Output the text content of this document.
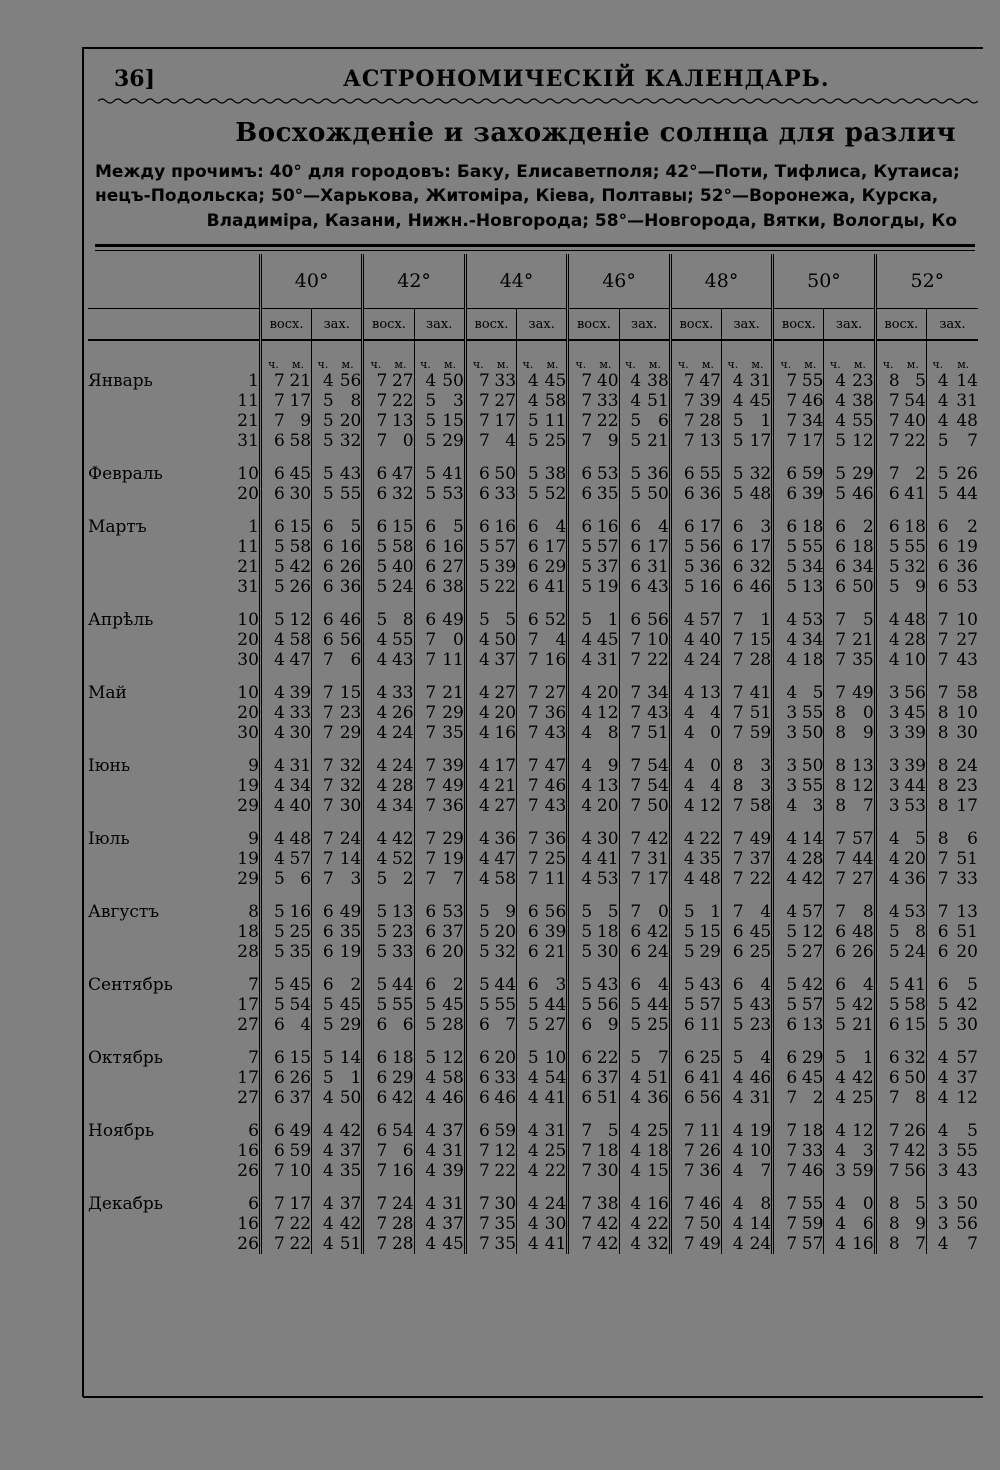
36]	АСТРОНОМИЧЕСКІЙ КАЛЕНДАРЬ.
Восхожденіе и захожденіе солнца для различ
Между прочимъ: 40° для городовъ: Баку, Елисаветполя; 42°—Поти, Тифлиса, Кутаиса;
нецъ-Подольска; 50°—Харькова, Житоміра, Кіева, Полтавы; 52°—Воронежа, Курска,
Владиміра, Казани, Нижн.-Новгорода; 58°—Новгорода, Вятки, Вологды, Ко
		40°				42°				44°				46°				48°				50°				52°			
		восх.		зах.		восх.		зах.		восх.		зах.		восх.		зах.		восх.		зах.		восх.		зах.		восх.		зах.	
		ч.	м.	ч.	м.	ч.	м.	ч.	м.	ч.	м.	ч.	м.	ч.	м.	ч.	м.	ч.	м.	ч.	м.	ч.	м.	ч.	м.	ч.	м.	ч.	м.
Январь	1	7	21	4	56	7	27	4	50	7	33	4	45	7	40	4	38	7	47	4	31	7	55	4	23	8	5	4	14
	11	7	17	5	8	7	22	5	3	7	27	4	58	7	33	4	51	7	39	4	45	7	46	4	38	7	54	4	31
	21	7	9	5	20	7	13	5	15	7	17	5	11	7	22	5	6	7	28	5	1	7	34	4	55	7	40	4	48
	31	6	58	5	32	7	0	5	29	7	4	5	25	7	9	5	21	7	13	5	17	7	17	5	12	7	22	5	7

Февраль	10	6	45	5	43	6	47	5	41	6	50	5	38	6	53	5	36	6	55	5	32	6	59	5	29	7	2	5	26
	20	6	30	5	55	6	32	5	53	6	33	5	52	6	35	5	50	6	36	5	48	6	39	5	46	6	41	5	44

Мартъ	1	6	15	6	5	6	15	6	5	6	16	6	4	6	16	6	4	6	17	6	3	6	18	6	2	6	18	6	2
	11	5	58	6	16	5	58	6	16	5	57	6	17	5	57	6	17	5	56	6	17	5	55	6	18	5	55	6	19
	21	5	42	6	26	5	40	6	27	5	39	6	29	5	37	6	31	5	36	6	32	5	34	6	34	5	32	6	36
	31	5	26	6	36	5	24	6	38	5	22	6	41	5	19	6	43	5	16	6	46	5	13	6	50	5	9	6	53

Апрѣль	10	5	12	6	46	5	8	6	49	5	5	6	52	5	1	6	56	4	57	7	1	4	53	7	5	4	48	7	10
	20	4	58	6	56	4	55	7	0	4	50	7	4	4	45	7	10	4	40	7	15	4	34	7	21	4	28	7	27
	30	4	47	7	6	4	43	7	11	4	37	7	16	4	31	7	22	4	24	7	28	4	18	7	35	4	10	7	43

Май	10	4	39	7	15	4	33	7	21	4	27	7	27	4	20	7	34	4	13	7	41	4	5	7	49	3	56	7	58
	20	4	33	7	23	4	26	7	29	4	20	7	36	4	12	7	43	4	4	7	51	3	55	8	0	3	45	8	10
	30	4	30	7	29	4	24	7	35	4	16	7	43	4	8	7	51	4	0	7	59	3	50	8	9	3	39	8	30

Іюнь	9	4	31	7	32	4	24	7	39	4	17	7	47	4	9	7	54	4	0	8	3	3	50	8	13	3	39	8	24
	19	4	34	7	32	4	28	7	49	4	21	7	46	4	13	7	54	4	4	8	3	3	55	8	12	3	44	8	23
	29	4	40	7	30	4	34	7	36	4	27	7	43	4	20	7	50	4	12	7	58	4	3	8	7	3	53	8	17

Іюль	9	4	48	7	24	4	42	7	29	4	36	7	36	4	30	7	42	4	22	7	49	4	14	7	57	4	5	8	6
	19	4	57	7	14	4	52	7	19	4	47	7	25	4	41	7	31	4	35	7	37	4	28	7	44	4	20	7	51
	29	5	6	7	3	5	2	7	7	4	58	7	11	4	53	7	17	4	48	7	22	4	42	7	27	4	36	7	33

Августъ	8	5	16	6	49	5	13	6	53	5	9	6	56	5	5	7	0	5	1	7	4	4	57	7	8	4	53	7	13
	18	5	25	6	35	5	23	6	37	5	20	6	39	5	18	6	42	5	15	6	45	5	12	6	48	5	8	6	51
	28	5	35	6	19	5	33	6	20	5	32	6	21	5	30	6	24	5	29	6	25	5	27	6	26	5	24	6	20

Сентябрь	7	5	45	6	2	5	44	6	2	5	44	6	3	5	43	6	4	5	43	6	4	5	42	6	4	5	41	6	5
	17	5	54	5	45	5	55	5	45	5	55	5	44	5	56	5	44	5	57	5	43	5	57	5	42	5	58	5	42
	27	6	4	5	29	6	6	5	28	6	7	5	27	6	9	5	25	6	11	5	23	6	13	5	21	6	15	5	30

Октябрь	7	6	15	5	14	6	18	5	12	6	20	5	10	6	22	5	7	6	25	5	4	6	29	5	1	6	32	4	57
	17	6	26	5	1	6	29	4	58	6	33	4	54	6	37	4	51	6	41	4	46	6	45	4	42	6	50	4	37
	27	6	37	4	50	6	42	4	46	6	46	4	41	6	51	4	36	6	56	4	31	7	2	4	25	7	8	4	12

Ноябрь	6	6	49	4	42	6	54	4	37	6	59	4	31	7	5	4	25	7	11	4	19	7	18	4	12	7	26	4	5
	16	6	59	4	37	7	6	4	31	7	12	4	25	7	18	4	18	7	26	4	10	7	33	4	3	7	42	3	55
	26	7	10	4	35	7	16	4	39	7	22	4	22	7	30	4	15	7	36	4	7	7	46	3	59	7	56	3	43

Декабрь	6	7	17	4	37	7	24	4	31	7	30	4	24	7	38	4	16	7	46	4	8	7	55	4	0	8	5	3	50
	16	7	22	4	42	7	28	4	37	7	35	4	30	7	42	4	22	7	50	4	14	7	59	4	6	8	9	3	56
	26	7	22	4	51	7	28	4	45	7	35	4	41	7	42	4	32	7	49	4	24	7	57	4	16	8	7	4	7
